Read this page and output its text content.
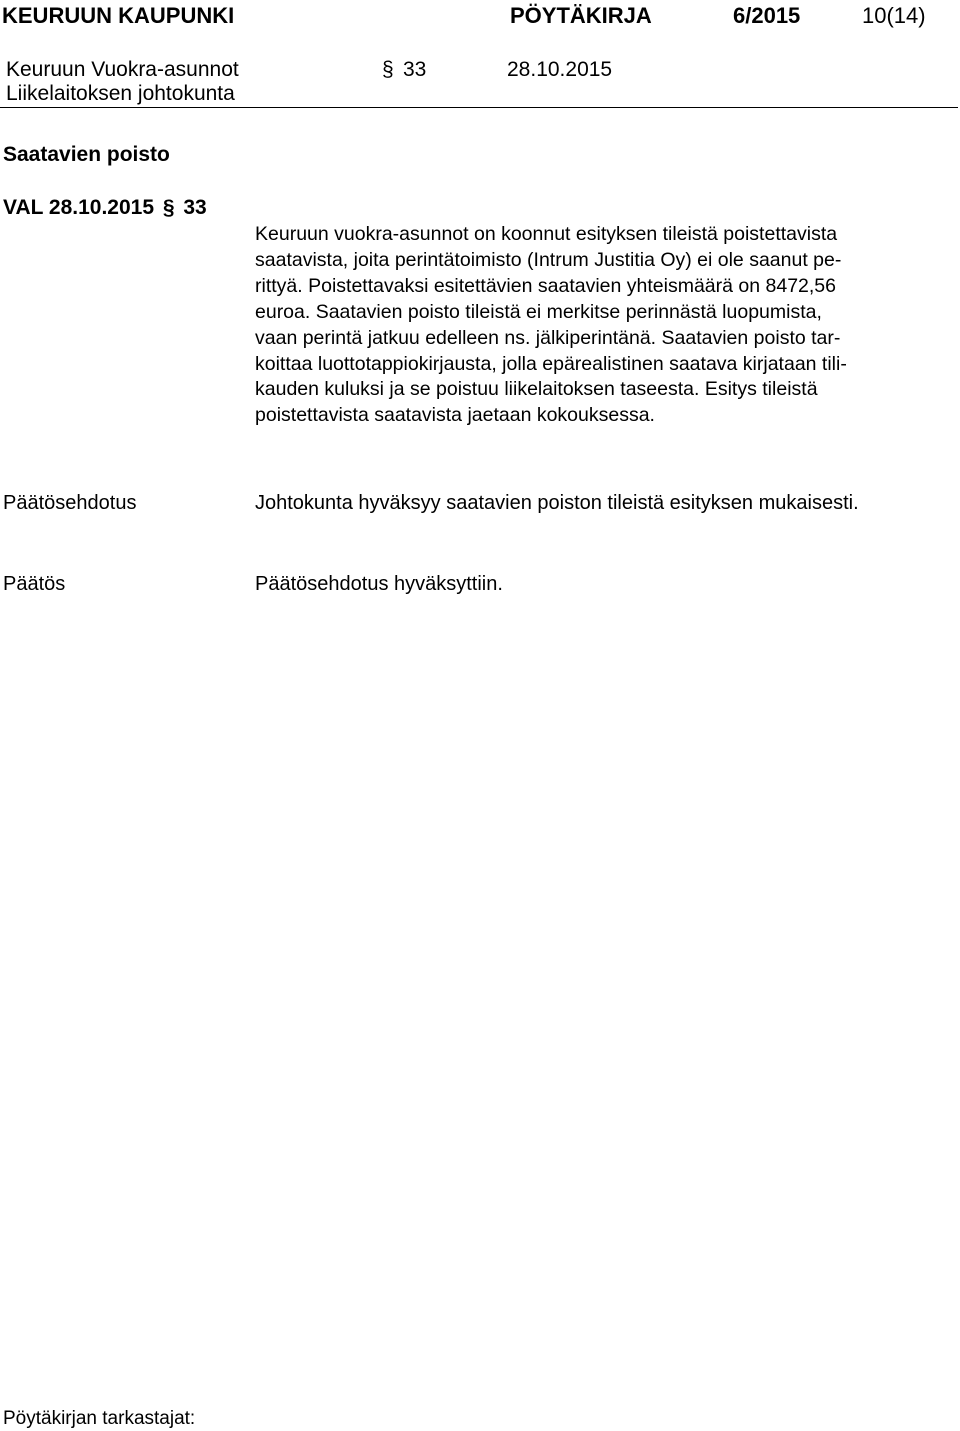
KEURUUN KAUPUNKI	PÖYTÄKIRJA	6/2015	10(14)
Keuruun Vuokra-asunnot
Liikelaitoksen johtokunta
§ 33	28.10.2015
Saatavien poisto
VAL 28.10.2015 § 33
Keuruun vuokra-asunnot on koonnut esityksen tileistä poistettavista
saatavista, joita perintätoimisto (Intrum Justitia Oy) ei ole saanut pe-
rittyä. Poistettavaksi esitettävien saatavien yhteismäärä on 8472,56
euroa. Saatavien poisto tileistä ei merkitse perinnästä luopumista,
vaan perintä jatkuu edelleen ns. jälkiperintänä. Saatavien poisto tar-
koittaa luottotappiokirjausta, jolla epärealistinen saatava kirjataan tili-
kauden kuluksi ja se poistuu liikelaitoksen taseesta. Esitys tileistä
poistettavista saatavista jaetaan kokouksessa.
Päätösehdotus	Johtokunta hyväksyy saatavien poiston tileistä esityksen mukaisesti.
Päätös	Päätösehdotus hyväksyttiin.
Pöytäkirjan tarkastajat:
